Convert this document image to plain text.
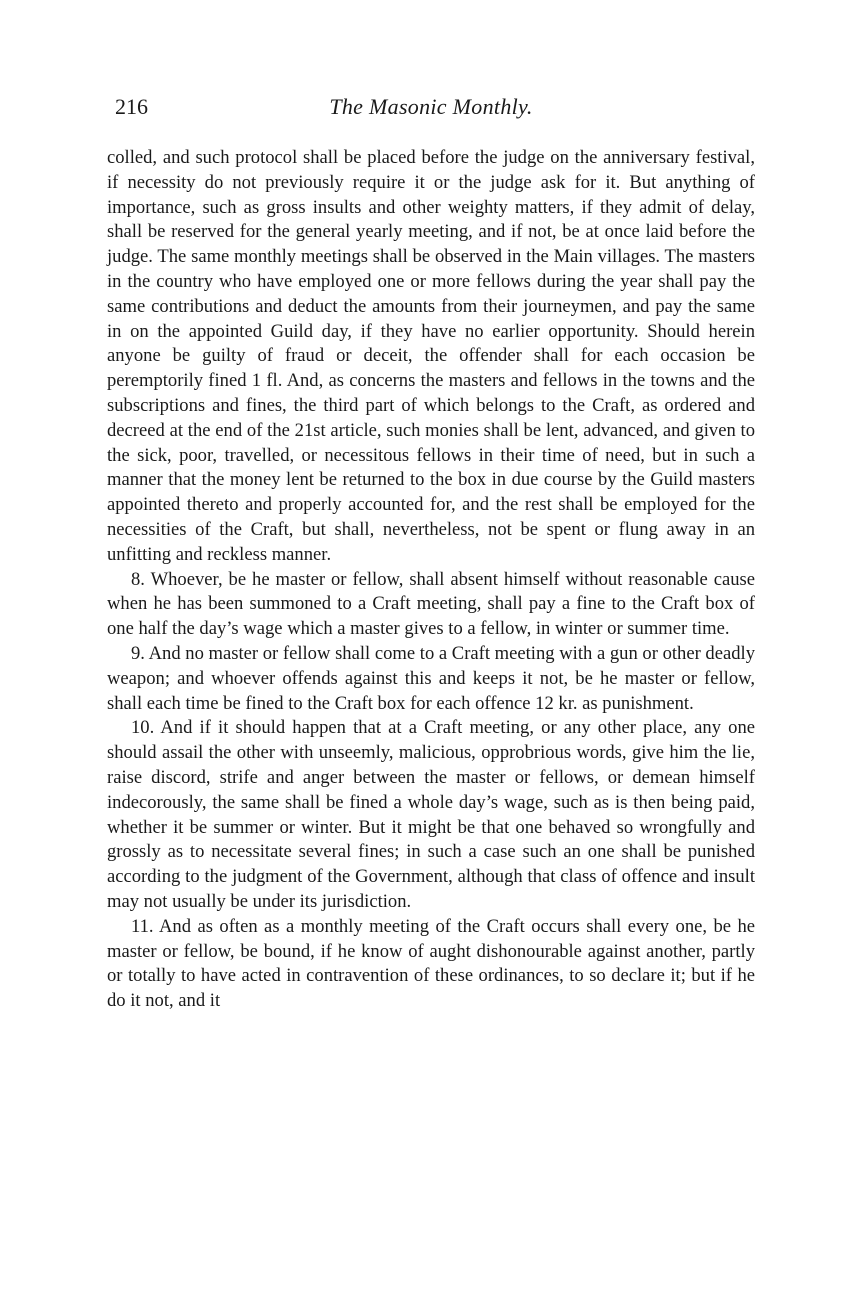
216	The Masonic Monthly.

colled, and such protocol shall be placed before the judge on the anniversary festival, if necessity do not previously require it or the judge ask for it. But anything of importance, such as gross insults and other weighty matters, if they admit of delay, shall be reserved for the general yearly meeting, and if not, be at once laid before the judge. The same monthly meetings shall be observed in the Main villages. The masters in the country who have employed one or more fellows during the year shall pay the same contributions and deduct the amounts from their journeymen, and pay the same in on the appointed Guild day, if they have no earlier opportunity. Should herein anyone be guilty of fraud or deceit, the offender shall for each occasion be peremptorily fined 1 fl. And, as concerns the masters and fellows in the towns and the subscriptions and fines, the third part of which belongs to the Craft, as ordered and decreed at the end of the 21st article, such monies shall be lent, advanced, and given to the sick, poor, travelled, or necessitous fellows in their time of need, but in such a manner that the money lent be returned to the box in due course by the Guild masters appointed thereto and properly accounted for, and the rest shall be employed for the necessities of the Craft, but shall, nevertheless, not be spent or flung away in an unfitting and reckless manner.

8. Whoever, be he master or fellow, shall absent himself without reasonable cause when he has been summoned to a Craft meeting, shall pay a fine to the Craft box of one half the day’s wage which a master gives to a fellow, in winter or summer time.

9. And no master or fellow shall come to a Craft meeting with a gun or other deadly weapon; and whoever offends against this and keeps it not, be he master or fellow, shall each time be fined to the Craft box for each offence 12 kr. as punishment.

10. And if it should happen that at a Craft meeting, or any other place, any one should assail the other with unseemly, malicious, opprobrious words, give him the lie, raise discord, strife and anger between the master or fellows, or demean himself indecorously, the same shall be fined a whole day’s wage, such as is then being paid, whether it be summer or winter. But it might be that one behaved so wrongfully and grossly as to necessitate several fines; in such a case such an one shall be punished according to the judgment of the Government, although that class of offence and insult may not usually be under its jurisdiction.

11. And as often as a monthly meeting of the Craft occurs shall every one, be he master or fellow, be bound, if he know of aught dishonourable against another, partly or totally to have acted in contravention of these ordinances, to so declare it; but if he do it not, and it
